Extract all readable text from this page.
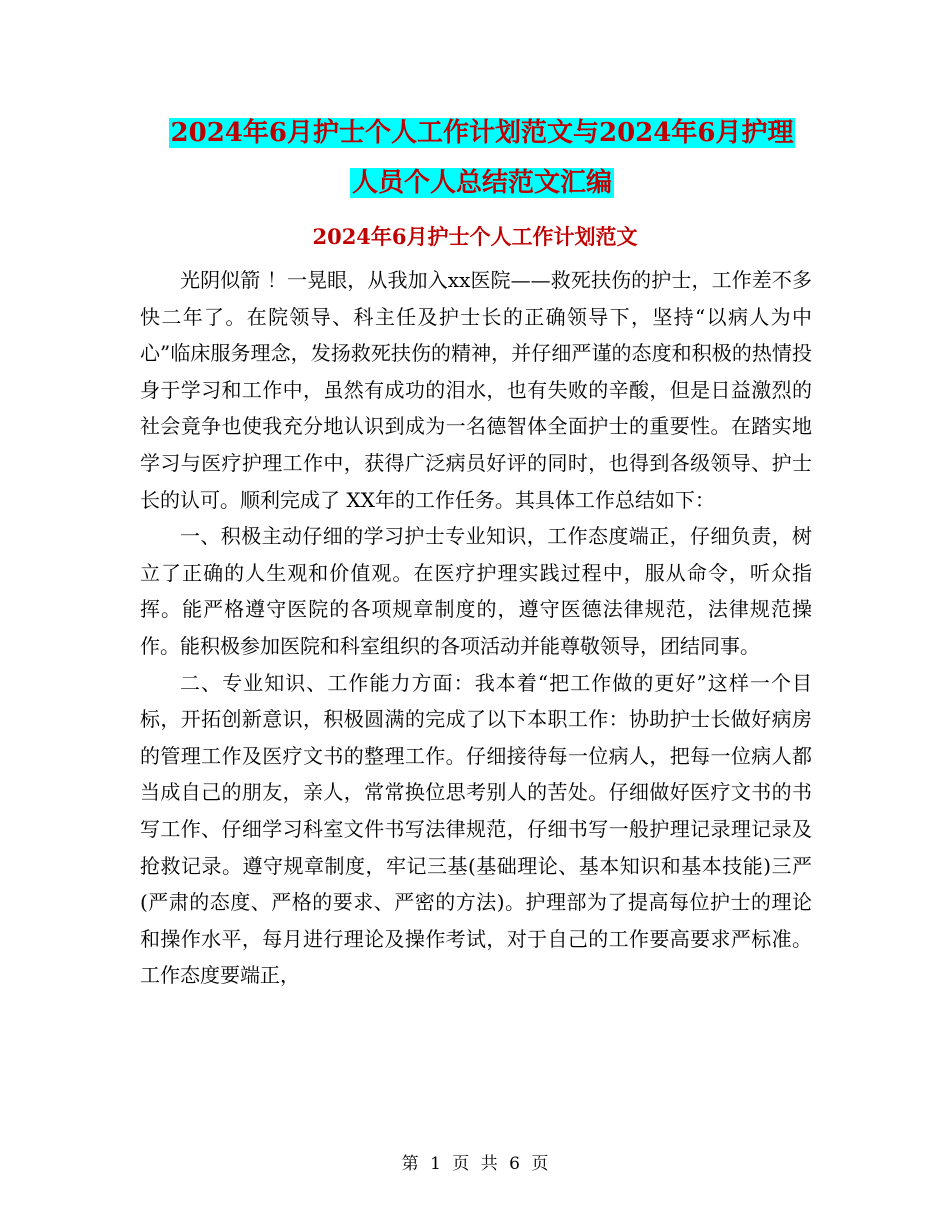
2024年6月护士个人工作计划范文与2024年6月护理
人员个人总结范文汇编
2024年6月护士个人工作计划范文

光阴似箭 ！一晃眼，从我加入xx医院——救死扶伤的护士，工作差不多快二年了。在院领导、科主任及护士长的正确领导下，坚持“以病人为中心”临床服务理念，发扬救死扶伤的精神，并仔细严谨的态度和积极的热情投身于学习和工作中，虽然有成功的泪水，也有失败的辛酸，但是日益激烈的社会竟争也使我充分地认识到成为一名德智体全面护士的重要性。在踏实地学习与医疗护理工作中，获得广泛病员好评的同时，也得到各级领导、护士长的认可。顺利完成了 XX年的工作任务。其具体工作总结如下：

一、积极主动仔细的学习护士专业知识，工作态度端正，仔细负责，树立了正确的人生观和价值观。在医疗护理实践过程中，服从命令，听众指挥。能严格遵守医院的各项规章制度的，遵守医德法律规范，法律规范操作。能积极参加医院和科室组织的各项活动并能尊敬领导，团结同事。

二、专业知识、工作能力方面：我本着“把工作做的更好”这样一个目标，开拓创新意识，积极圆满的完成了以下本职工作：协助护士长做好病房的管理工作及医疗文书的整理工作。仔细接待每一位病人，把每一位病人都当成自己的朋友，亲人，常常换位思考别人的苦处。仔细做好医疗文书的书写工作、仔细学习科室文件书写法律规范，仔细书写一般护理记录理记录及抢救记录。遵守规章制度，牢记三基(基础理论、基本知识和基本技能)三严(严肃的态度、严格的要求、严密的方法)。护理部为了提高每位护士的理论和操作水平，每月进行理论及操作考试，对于自己的工作要高要求严标准。工作态度要端正，

第 1 页 共 6 页
